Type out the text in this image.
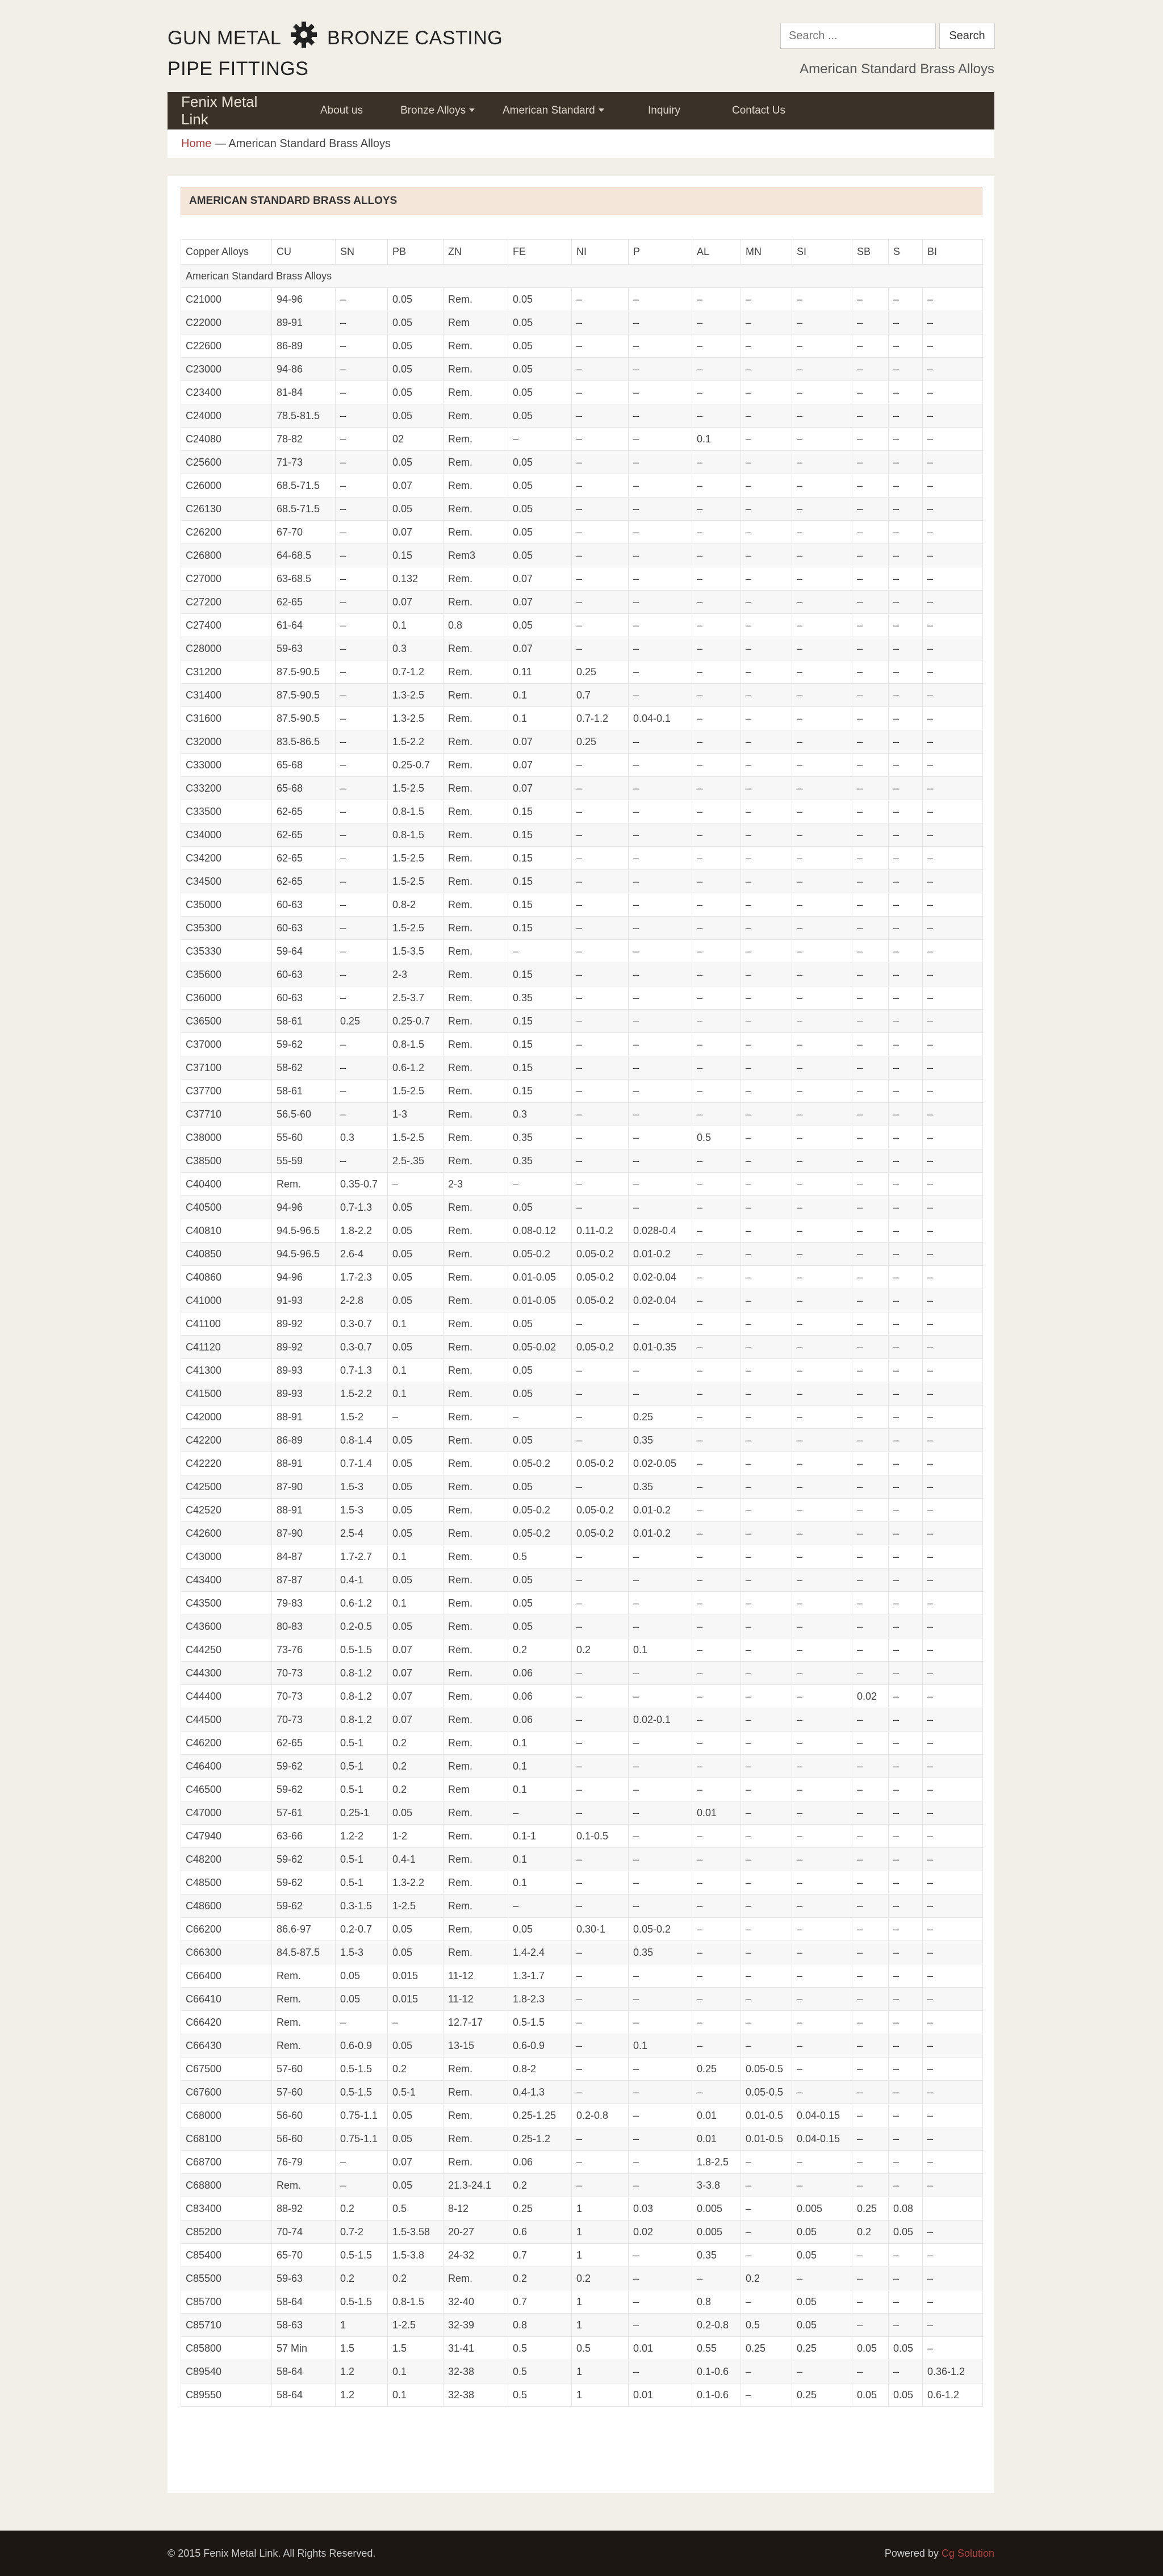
GUN METAL BRONZE CASTING
PIPE FITTINGS
Search ...
Search
American Standard Brass Alloys
Fenix Metal Link
About us	Bronze Alloys	American Standard	Inquiry	Contact Us
Home — American Standard Brass Alloys
AMERICAN STANDARD BRASS ALLOYS
Copper Alloys	CU	SN	PB	ZN	FE	NI	P	AL	MN	SI	SB	S	BI
American Standard Brass Alloys													
C21000	94-96	–	0.05	Rem.	0.05	–	–	–	–	–	–	–	–
C22000	89-91	–	0.05	Rem	0.05	–	–	–	–	–	–	–	–
C22600	86-89	–	0.05	Rem.	0.05	–	–	–	–	–	–	–	–
C23000	94-86	–	0.05	Rem.	0.05	–	–	–	–	–	–	–	–
C23400	81-84	–	0.05	Rem.	0.05	–	–	–	–	–	–	–	–
C24000	78.5-81.5	–	0.05	Rem.	0.05	–	–	–	–	–	–	–	–
C24080	78-82	–	02	Rem.	–	–	–	0.1	–	–	–	–	–
C25600	71-73	–	0.05	Rem.	0.05	–	–	–	–	–	–	–	–
C26000	68.5-71.5	–	0.07	Rem.	0.05	–	–	–	–	–	–	–	–
C26130	68.5-71.5	–	0.05	Rem.	0.05	–	–	–	–	–	–	–	–
C26200	67-70	–	0.07	Rem.	0.05	–	–	–	–	–	–	–	–
C26800	64-68.5	–	0.15	Rem3	0.05	–	–	–	–	–	–	–	–
C27000	63-68.5	–	0.132	Rem.	0.07	–	–	–	–	–	–	–	–
C27200	62-65	–	0.07	Rem.	0.07	–	–	–	–	–	–	–	–
C27400	61-64	–	0.1	0.8	0.05	–	–	–	–	–	–	–	–
C28000	59-63	–	0.3	Rem.	0.07	–	–	–	–	–	–	–	–
C31200	87.5-90.5	–	0.7-1.2	Rem.	0.11	0.25	–	–	–	–	–	–	–
C31400	87.5-90.5	–	1.3-2.5	Rem.	0.1	0.7	–	–	–	–	–	–	–
C31600	87.5-90.5	–	1.3-2.5	Rem.	0.1	0.7-1.2	0.04-0.1	–	–	–	–	–	–
C32000	83.5-86.5	–	1.5-2.2	Rem.	0.07	0.25	–	–	–	–	–	–	–
C33000	65-68	–	0.25-0.7	Rem.	0.07	–	–	–	–	–	–	–	–
C33200	65-68	–	1.5-2.5	Rem.	0.07	–	–	–	–	–	–	–	–
C33500	62-65	–	0.8-1.5	Rem.	0.15	–	–	–	–	–	–	–	–
C34000	62-65	–	0.8-1.5	Rem.	0.15	–	–	–	–	–	–	–	–
C34200	62-65	–	1.5-2.5	Rem.	0.15	–	–	–	–	–	–	–	–
C34500	62-65	–	1.5-2.5	Rem.	0.15	–	–	–	–	–	–	–	–
C35000	60-63	–	0.8-2	Rem.	0.15	–	–	–	–	–	–	–	–
C35300	60-63	–	1.5-2.5	Rem.	0.15	–	–	–	–	–	–	–	–
C35330	59-64	–	1.5-3.5	Rem.	–	–	–	–	–	–	–	–	–
C35600	60-63	–	2-3	Rem.	0.15	–	–	–	–	–	–	–	–
C36000	60-63	–	2.5-3.7	Rem.	0.35	–	–	–	–	–	–	–	–
C36500	58-61	0.25	0.25-0.7	Rem.	0.15	–	–	–	–	–	–	–	–
C37000	59-62	–	0.8-1.5	Rem.	0.15	–	–	–	–	–	–	–	–
C37100	58-62	–	0.6-1.2	Rem.	0.15	–	–	–	–	–	–	–	–
C37700	58-61	–	1.5-2.5	Rem.	0.15	–	–	–	–	–	–	–	–
C37710	56.5-60	–	1-3	Rem.	0.3	–	–	–	–	–	–	–	–
C38000	55-60	0.3	1.5-2.5	Rem.	0.35	–	–	0.5	–	–	–	–	–
C38500	55-59	–	2.5-.35	Rem.	0.35	–	–	–	–	–	–	–	–
C40400	Rem.	0.35-0.7	–	2-3	–	–	–	–	–	–	–	–	–
C40500	94-96	0.7-1.3	0.05	Rem.	0.05	–	–	–	–	–	–	–	–
C40810	94.5-96.5	1.8-2.2	0.05	Rem.	0.08-0.12	0.11-0.2	0.028-0.4	–	–	–	–	–	–
C40850	94.5-96.5	2.6-4	0.05	Rem.	0.05-0.2	0.05-0.2	0.01-0.2	–	–	–	–	–	–
C40860	94-96	1.7-2.3	0.05	Rem.	0.01-0.05	0.05-0.2	0.02-0.04	–	–	–	–	–	–
C41000	91-93	2-2.8	0.05	Rem.	0.01-0.05	0.05-0.2	0.02-0.04	–	–	–	–	–	–
C41100	89-92	0.3-0.7	0.1	Rem.	0.05	–	–	–	–	–	–	–	–
C41120	89-92	0.3-0.7	0.05	Rem.	0.05-0.02	0.05-0.2	0.01-0.35	–	–	–	–	–	–
C41300	89-93	0.7-1.3	0.1	Rem.	0.05	–	–	–	–	–	–	–	–
C41500	89-93	1.5-2.2	0.1	Rem.	0.05	–	–	–	–	–	–	–	–
C42000	88-91	1.5-2	–	Rem.	–	–	0.25	–	–	–	–	–	–
C42200	86-89	0.8-1.4	0.05	Rem.	0.05	–	0.35	–	–	–	–	–	–
C42220	88-91	0.7-1.4	0.05	Rem.	0.05-0.2	0.05-0.2	0.02-0.05	–	–	–	–	–	–
C42500	87-90	1.5-3	0.05	Rem.	0.05	–	0.35	–	–	–	–	–	–
C42520	88-91	1.5-3	0.05	Rem.	0.05-0.2	0.05-0.2	0.01-0.2	–	–	–	–	–	–
C42600	87-90	2.5-4	0.05	Rem.	0.05-0.2	0.05-0.2	0.01-0.2	–	–	–	–	–	–
C43000	84-87	1.7-2.7	0.1	Rem.	0.5	–	–	–	–	–	–	–	–
C43400	87-87	0.4-1	0.05	Rem.	0.05	–	–	–	–	–	–	–	–
C43500	79-83	0.6-1.2	0.1	Rem.	0.05	–	–	–	–	–	–	–	–
C43600	80-83	0.2-0.5	0.05	Rem.	0.05	–	–	–	–	–	–	–	–
C44250	73-76	0.5-1.5	0.07	Rem.	0.2	0.2	0.1	–	–	–	–	–	–
C44300	70-73	0.8-1.2	0.07	Rem.	0.06	–	–	–	–	–	–	–	–
C44400	70-73	0.8-1.2	0.07	Rem.	0.06	–	–	–	–	–	0.02	–	–
C44500	70-73	0.8-1.2	0.07	Rem.	0.06	–	0.02-0.1	–	–	–	–	–	–
C46200	62-65	0.5-1	0.2	Rem.	0.1	–	–	–	–	–	–	–	–
C46400	59-62	0.5-1	0.2	Rem.	0.1	–	–	–	–	–	–	–	–
C46500	59-62	0.5-1	0.2	Rem	0.1	–	–	–	–	–	–	–	–
C47000	57-61	0.25-1	0.05	Rem.	–	–	–	0.01	–	–	–	–	–
C47940	63-66	1.2-2	1-2	Rem.	0.1-1	0.1-0.5	–	–	–	–	–	–	–
C48200	59-62	0.5-1	0.4-1	Rem.	0.1	–	–	–	–	–	–	–	–
C48500	59-62	0.5-1	1.3-2.2	Rem.	0.1	–	–	–	–	–	–	–	–
C48600	59-62	0.3-1.5	1-2.5	Rem.	–	–	–	–	–	–	–	–	–
C66200	86.6-97	0.2-0.7	0.05	Rem.	0.05	0.30-1	0.05-0.2	–	–	–	–	–	–
C66300	84.5-87.5	1.5-3	0.05	Rem.	1.4-2.4	–	0.35	–	–	–	–	–	–
C66400	Rem.	0.05	0.015	11-12	1.3-1.7	–	–	–	–	–	–	–	–
C66410	Rem.	0.05	0.015	11-12	1.8-2.3	–	–	–	–	–	–	–	–
C66420	Rem.	–	–	12.7-17	0.5-1.5	–	–	–	–	–	–	–	–
C66430	Rem.	0.6-0.9	0.05	13-15	0.6-0.9	–	0.1	–	–	–	–	–	–
C67500	57-60	0.5-1.5	0.2	Rem.	0.8-2	–	–	0.25	0.05-0.5	–	–	–	–
C67600	57-60	0.5-1.5	0.5-1	Rem.	0.4-1.3	–	–	–	0.05-0.5	–	–	–	–
C68000	56-60	0.75-1.1	0.05	Rem.	0.25-1.25	0.2-0.8	–	0.01	0.01-0.5	0.04-0.15	–	–	–
C68100	56-60	0.75-1.1	0.05	Rem.	0.25-1.2	–	–	0.01	0.01-0.5	0.04-0.15	–	–	–
C68700	76-79	–	0.07	Rem.	0.06	–	–	1.8-2.5	–	–	–	–	–
C68800	Rem.	–	0.05	21.3-24.1	0.2	–	–	3-3.8	–	–	–	–	–
C83400	88-92	0.2	0.5	8-12	0.25	1	0.03	0.005	–	0.005	0.25	0.08	
C85200	70-74	0.7-2	1.5-3.58	20-27	0.6	1	0.02	0.005	–	0.05	0.2	0.05	–
C85400	65-70	0.5-1.5	1.5-3.8	24-32	0.7	1	–	0.35	–	0.05	–	–	–
C85500	59-63	0.2	0.2	Rem.	0.2	0.2	–	–	0.2	–	–	–	–
C85700	58-64	0.5-1.5	0.8-1.5	32-40	0.7	1	–	0.8	–	0.05	–	–	–
C85710	58-63	1	1-2.5	32-39	0.8	1	–	0.2-0.8	0.5	0.05	–	–	–
C85800	57 Min	1.5	1.5	31-41	0.5	0.5	0.01	0.55	0.25	0.25	0.05	0.05	–
C89540	58-64	1.2	0.1	32-38	0.5	1	–	0.1-0.6	–	–	–	–	0.36-1.2
C89550	58-64	1.2	0.1	32-38	0.5	1	0.01	0.1-0.6	–	0.25	0.05	0.05	0.6-1.2
© 2015 Fenix Metal Link. All Rights Reserved.	Powered by Cg Solution
